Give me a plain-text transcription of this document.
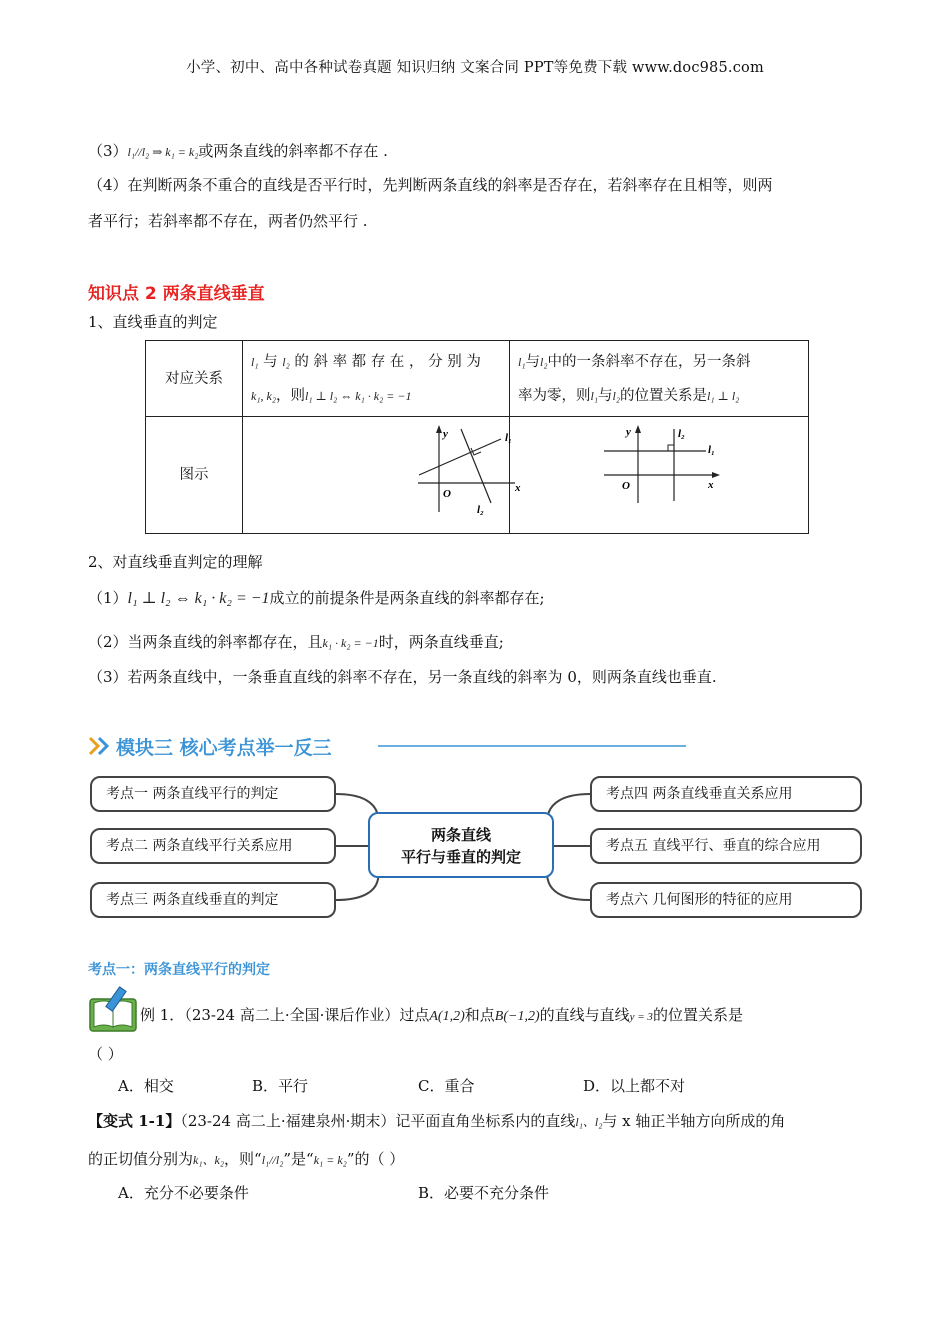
小学、初中、高中各种试卷真题 知识归纳 文案合同 PPT等免费下载 www.doc985.com
（3）l₁//l₂ ⇒ k₁ = k₂或两条直线的斜率都不存在 .
（4）在判断两条不重合的直线是否平行时，先判断两条直线的斜率是否存在，若斜率存在且相等，则两
者平行；若斜率都不存在，两者仍然平行 .
知识点 2 两条直线垂直
1、直线垂直的判定
对应关系	l₁ 与 l₂ 的 斜 率 都 存 在 ， 分 别 为
k₁, k₂，则l₁ ⊥ l₂ ⇔ k₁ · k₂ = −1	l₁与l₂中的一条斜率不存在，另一条斜
率为零，则l₁与l₂的位置关系是l₁ ⊥ l₂
图示	y l₁
O x
l₂	y l₂
l₁
O x
2、对直线垂直判定的理解
（1）l₁ ⊥ l₂ ⇔ k₁ · k₂ = −1成立的前提条件是两条直线的斜率都存在;
（2）当两条直线的斜率都存在，且k₁ · k₂ = −1时，两条直线垂直;
（3）若两条直线中，一条垂直直线的斜率不存在，另一条直线的斜率为 0，则两条直线也垂直.
模块三 核心考点举一反三
考点一 两条直线平行的判定
考点二 两条直线平行关系应用
考点三 两条直线垂直的判定
两条直线
平行与垂直的判定
考点四 两条直线垂直关系应用
考点五 直线平行、垂直的综合应用
考点六 几何图形的特征的应用
考点一：两条直线平行的判定
例 1．（23-24 高二上·全国·课后作业）过点A(1,2)和点B(−1,2)的直线与直线y = 3的位置关系是
（ ）
A．相交	B．平行	C．重合	D．以上都不对
【变式 1-1】（23-24 高二上·福建泉州·期末）记平面直角坐标系内的直线l₁、l₂与 x 轴正半轴方向所成的角
的正切值分别为k₁、k₂，则“l₁//l₂”是“k₁ = k₂”的（ ）
A．充分不必要条件	B．必要不充分条件
